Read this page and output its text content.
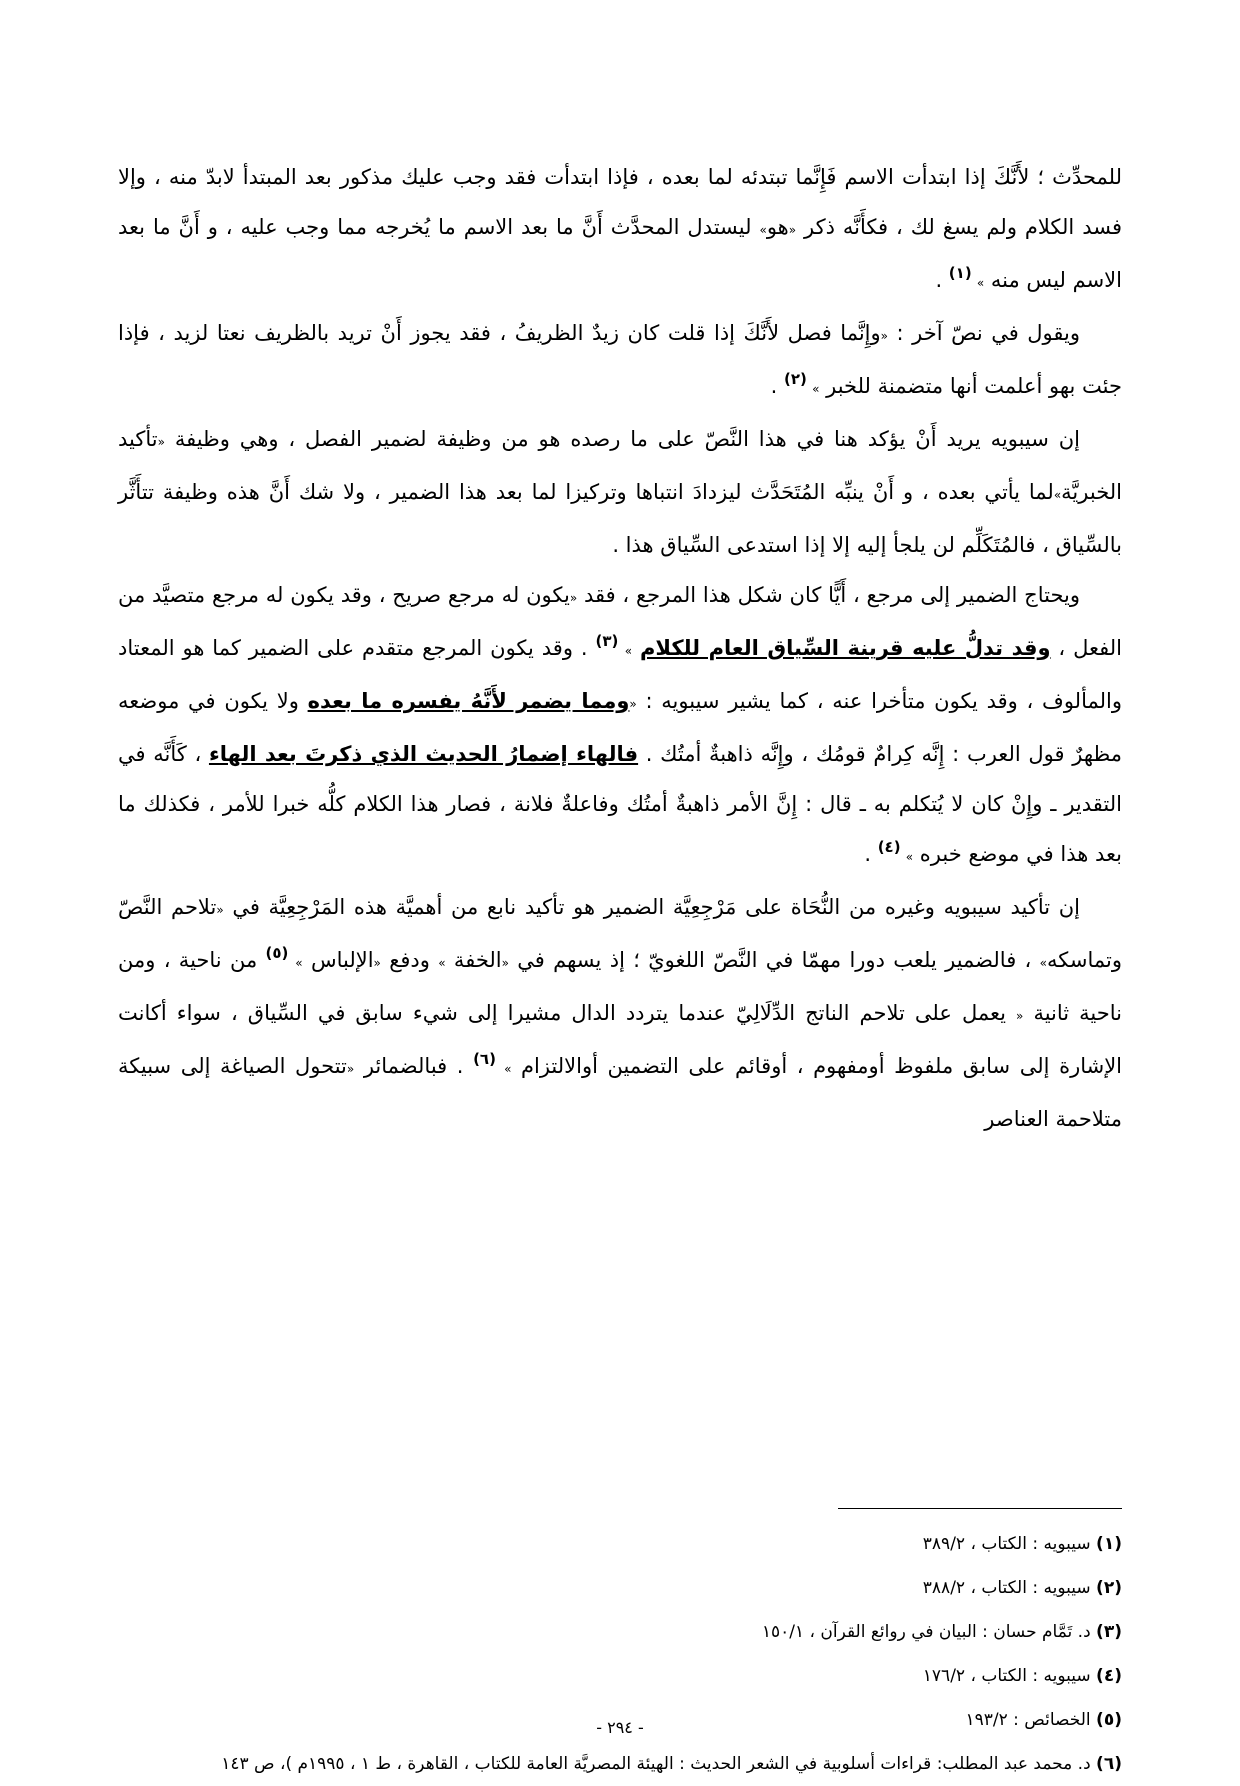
للمحدِّث ؛ لأَنَّكَ إذا ابتدأت الاسم فَإِنَّما تبتدئه لما بعده ، فإذا ابتدأت فقد وجب عليك مذكور بعد المبتدأ لابدّ منه ، وإلا فسد الكلام ولم يسغ لك ، فكأَنَّه ذكر «هو» ليستدل المحدَّث أَنَّ ما بعد الاسم ما يُخرجه مما وجب عليه ، و أَنَّ ما بعد الاسم ليس منه » $^{(١)}$ .

ويقول في نصّ آخر : «وإِنَّما فصل لأَنَّكَ إذا قلت كان زيدٌ الظريفُ ، فقد يجوز أَنْ تريد بالظريف نعتا لزيد ، فإذا جئت بهو أعلمت أنها متضمنة للخبر » $^{(٢)}$ .

إن سيبويه يريد أَنْ يؤكد هنا في هذا النَّصّ على ما رصده هو من وظيفة لضمير الفصل ، وهي وظيفة «تأكيد الخبريَّة»لما يأتي بعده ، و أَنْ ينبِّه المُتَحَدَّث ليزدادَ انتباها وتركيزا لما بعد هذا الضمير ، ولا شك أَنَّ هذه وظيفة تتأَثَّر بالسِّياق ، فالمُتَكَلِّم لن يلجأ إليه إلا إذا استدعى السِّياق هذا .

ويحتاج الضمير إلى مرجع ، أَيًّا كان شكل هذا المرجع ، فقد «يكون له مرجع صريح ، وقد يكون له مرجع متصيَّد من الفعل ، وقد تدلُّ عليه قرينة السِّياق العام للكلام » $^{(٣)}$ . وقد يكون المرجع متقدم على الضمير كما هو المعتاد والمألوف ، وقد يكون متأخرا عنه ، كما يشير سيبويه : «ومما يضمر لأَنَّهُ يفسره ما بعده ولا يكون في موضعه مظهرٌ قول العرب : إِنَّه كِرامٌ قومُك ، وإِنَّه ذاهبةٌ أمتُك . فالهاء إضمارُ الحديث الذي ذكرتَ بعد الهاء ، كَأَنَّه في التقدير ـ وإِنْ كان لا يُتكلم به ـ قال : إِنَّ الأمر ذاهبةٌ أمتُك وفاعلةٌ فلانة ، فصار هذا الكلام كلُّه خبرا للأمر ، فكذلك ما بعد هذا في موضع خبره » $^{(٤)}$ .

إن تأكيد سيبويه وغيره من النُّحَاة على مَرْجِعِيَّة الضمير هو تأكيد نابع من أهميَّة هذه المَرْجِعِيَّة في «تلاحم النَّصّ وتماسكه» ، فالضمير يلعب دورا مهمّا في النَّصّ اللغويّ ؛ إذ يسهم في «الخفة » ودفع «الإلباس » $^{(٥)}$ من ناحية ، ومن ناحية ثانية « يعمل على تلاحم الناتج الدِّلَالِيّ عندما يتردد الدال مشيرا إلى شيء سابق في السِّياق ، سواء أكانت الإشارة إلى سابق ملفوظ أومفهوم ، أوقائم على التضمين أوالالتزام » $^{(٦)}$ . فبالضمائر «تتحول الصياغة إلى سبيكة متلاحمة العناصر

(١) سيبويه : الكتاب ، ٣٨٩/٢
(٢) سيبويه : الكتاب ، ٣٨٨/٢
(٣) د. تَمَّام حسان : البيان في روائع القرآن ، ١٥٠/١
(٤) سيبويه : الكتاب ، ١٧٦/٢
(٥) الخصائص : ١٩٣/٢
(٦) د. محمد عبد المطلب: قراءات أسلوبية في الشعر الحديث : الهيئة المصريَّة العامة للكتاب ، القاهرة ، ط ١ ، ١٩٩٥م )، ص ١٤٣
- ٢٩٤ -
